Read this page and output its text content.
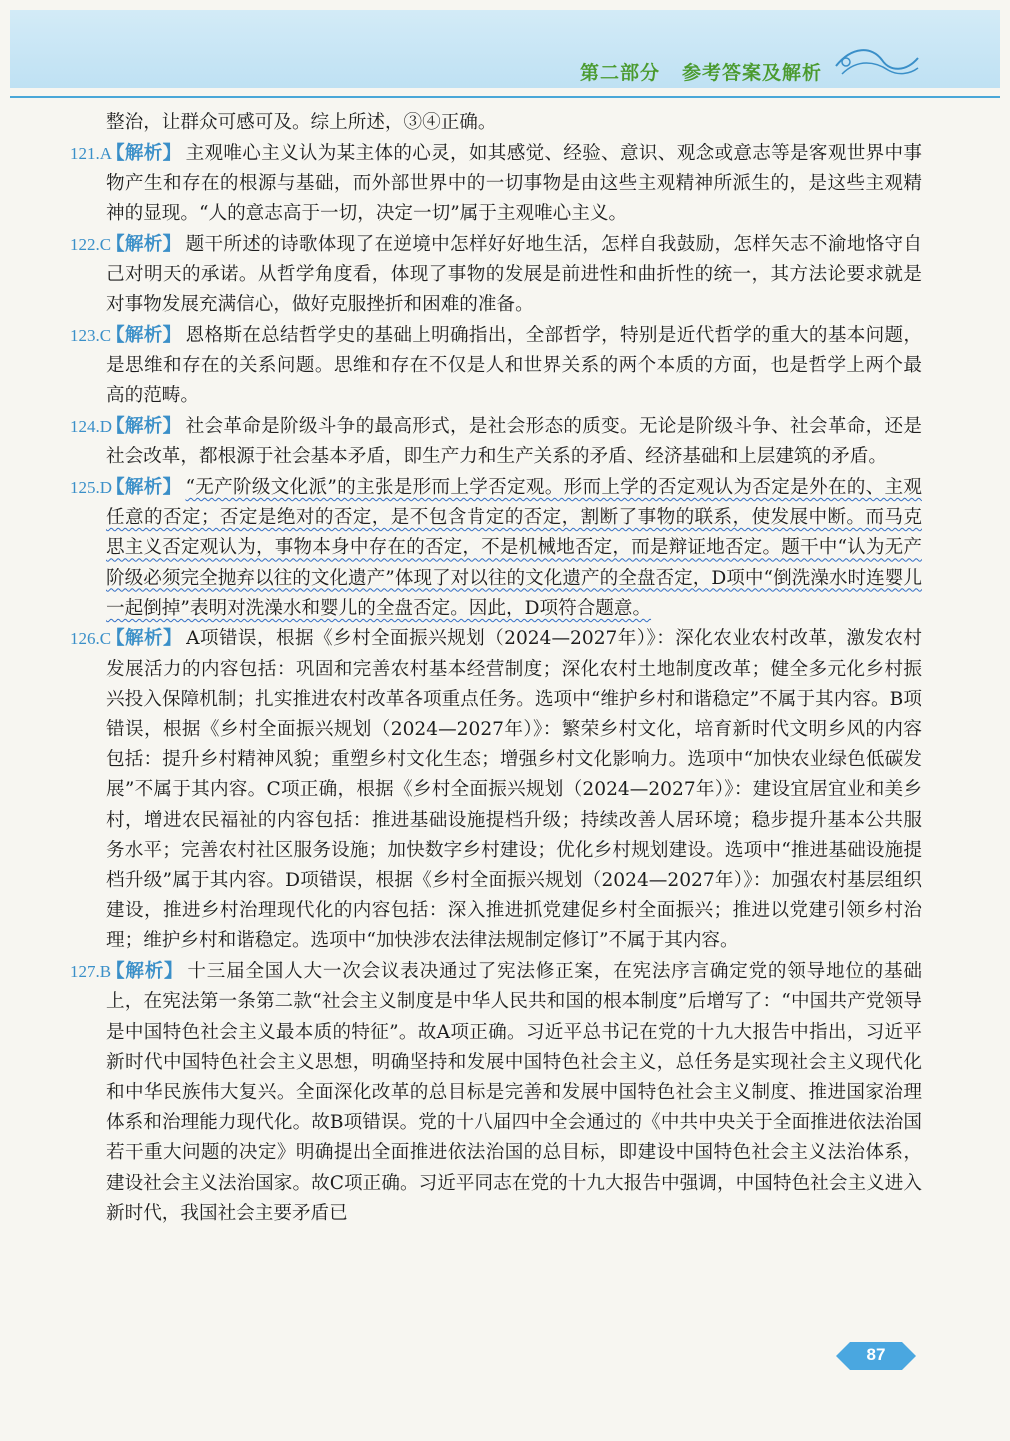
第二部分 参考答案及解析
整治，让群众可感可及。综上所述，③④正确。
121.A
【解析】 主观唯心主义认为某主体的心灵，如其感觉、经验、意识、观念或意志等是客观世界中事物产生和存在的根源与基础，而外部世界中的一切事物是由这些主观精神所派生的，是这些主观精神的显现。“人的意志高于一切，决定一切”属于主观唯心主义。
122.C
【解析】 题干所述的诗歌体现了在逆境中怎样好好地生活，怎样自我鼓励，怎样矢志不渝地恪守自己对明天的承诺。从哲学角度看，体现了事物的发展是前进性和曲折性的统一，其方法论要求就是对事物发展充满信心，做好克服挫折和困难的准备。
123.C
【解析】 恩格斯在总结哲学史的基础上明确指出，全部哲学，特别是近代哲学的重大的基本问题，是思维和存在的关系问题。思维和存在不仅是人和世界关系的两个本质的方面，也是哲学上两个最高的范畴。
124.D
【解析】 社会革命是阶级斗争的最高形式，是社会形态的质变。无论是阶级斗争、社会革命，还是社会改革，都根源于社会基本矛盾，即生产力和生产关系的矛盾、经济基础和上层建筑的矛盾。
125.D
【解析】 “无产阶级文化派”的主张是形而上学否定观。形而上学的否定观认为否定是外在的、主观任意的否定；否定是绝对的否定，是不包含肯定的否定，割断了事物的联系，使发展中断。而马克思主义否定观认为，事物本身中存在的否定，不是机械地否定，而是辩证地否定。题干中“认为无产阶级必须完全抛弃以往的文化遗产”体现了对以往的文化遗产的全盘否定，D项中“倒洗澡水时连婴儿一起倒掉”表明对洗澡水和婴儿的全盘否定。因此，D项符合题意。
126.C
【解析】 A项错误，根据《乡村全面振兴规划（2024—2027年）》：深化农业农村改革，激发农村发展活力的内容包括：巩固和完善农村基本经营制度；深化农村土地制度改革；健全多元化乡村振兴投入保障机制；扎实推进农村改革各项重点任务。选项中“维护乡村和谐稳定”不属于其内容。B项错误，根据《乡村全面振兴规划（2024—2027年）》：繁荣乡村文化，培育新时代文明乡风的内容包括：提升乡村精神风貌；重塑乡村文化生态；增强乡村文化影响力。选项中“加快农业绿色低碳发展”不属于其内容。C项正确，根据《乡村全面振兴规划（2024—2027年）》：建设宜居宜业和美乡村，增进农民福祉的内容包括：推进基础设施提档升级；持续改善人居环境；稳步提升基本公共服务水平；完善农村社区服务设施；加快数字乡村建设；优化乡村规划建设。选项中“推进基础设施提档升级”属于其内容。D项错误，根据《乡村全面振兴规划（2024—2027年）》：加强农村基层组织建设，推进乡村治理现代化的内容包括：深入推进抓党建促乡村全面振兴；推进以党建引领乡村治理；维护乡村和谐稳定。选项中“加快涉农法律法规制定修订”不属于其内容。
127.B
【解析】 十三届全国人大一次会议表决通过了宪法修正案，在宪法序言确定党的领导地位的基础上，在宪法第一条第二款“社会主义制度是中华人民共和国的根本制度”后增写了：“中国共产党领导是中国特色社会主义最本质的特征”。故A项正确。习近平总书记在党的十九大报告中指出，习近平新时代中国特色社会主义思想，明确坚持和发展中国特色社会主义，总任务是实现社会主义现代化和中华民族伟大复兴。全面深化改革的总目标是完善和发展中国特色社会主义制度、推进国家治理体系和治理能力现代化。故B项错误。党的十八届四中全会通过的《中共中央关于全面推进依法治国若干重大问题的决定》明确提出全面推进依法治国的总目标，即建设中国特色社会主义法治体系，建设社会主义法治国家。故C项正确。习近平同志在党的十九大报告中强调，中国特色社会主义进入新时代，我国社会主要矛盾已
87
